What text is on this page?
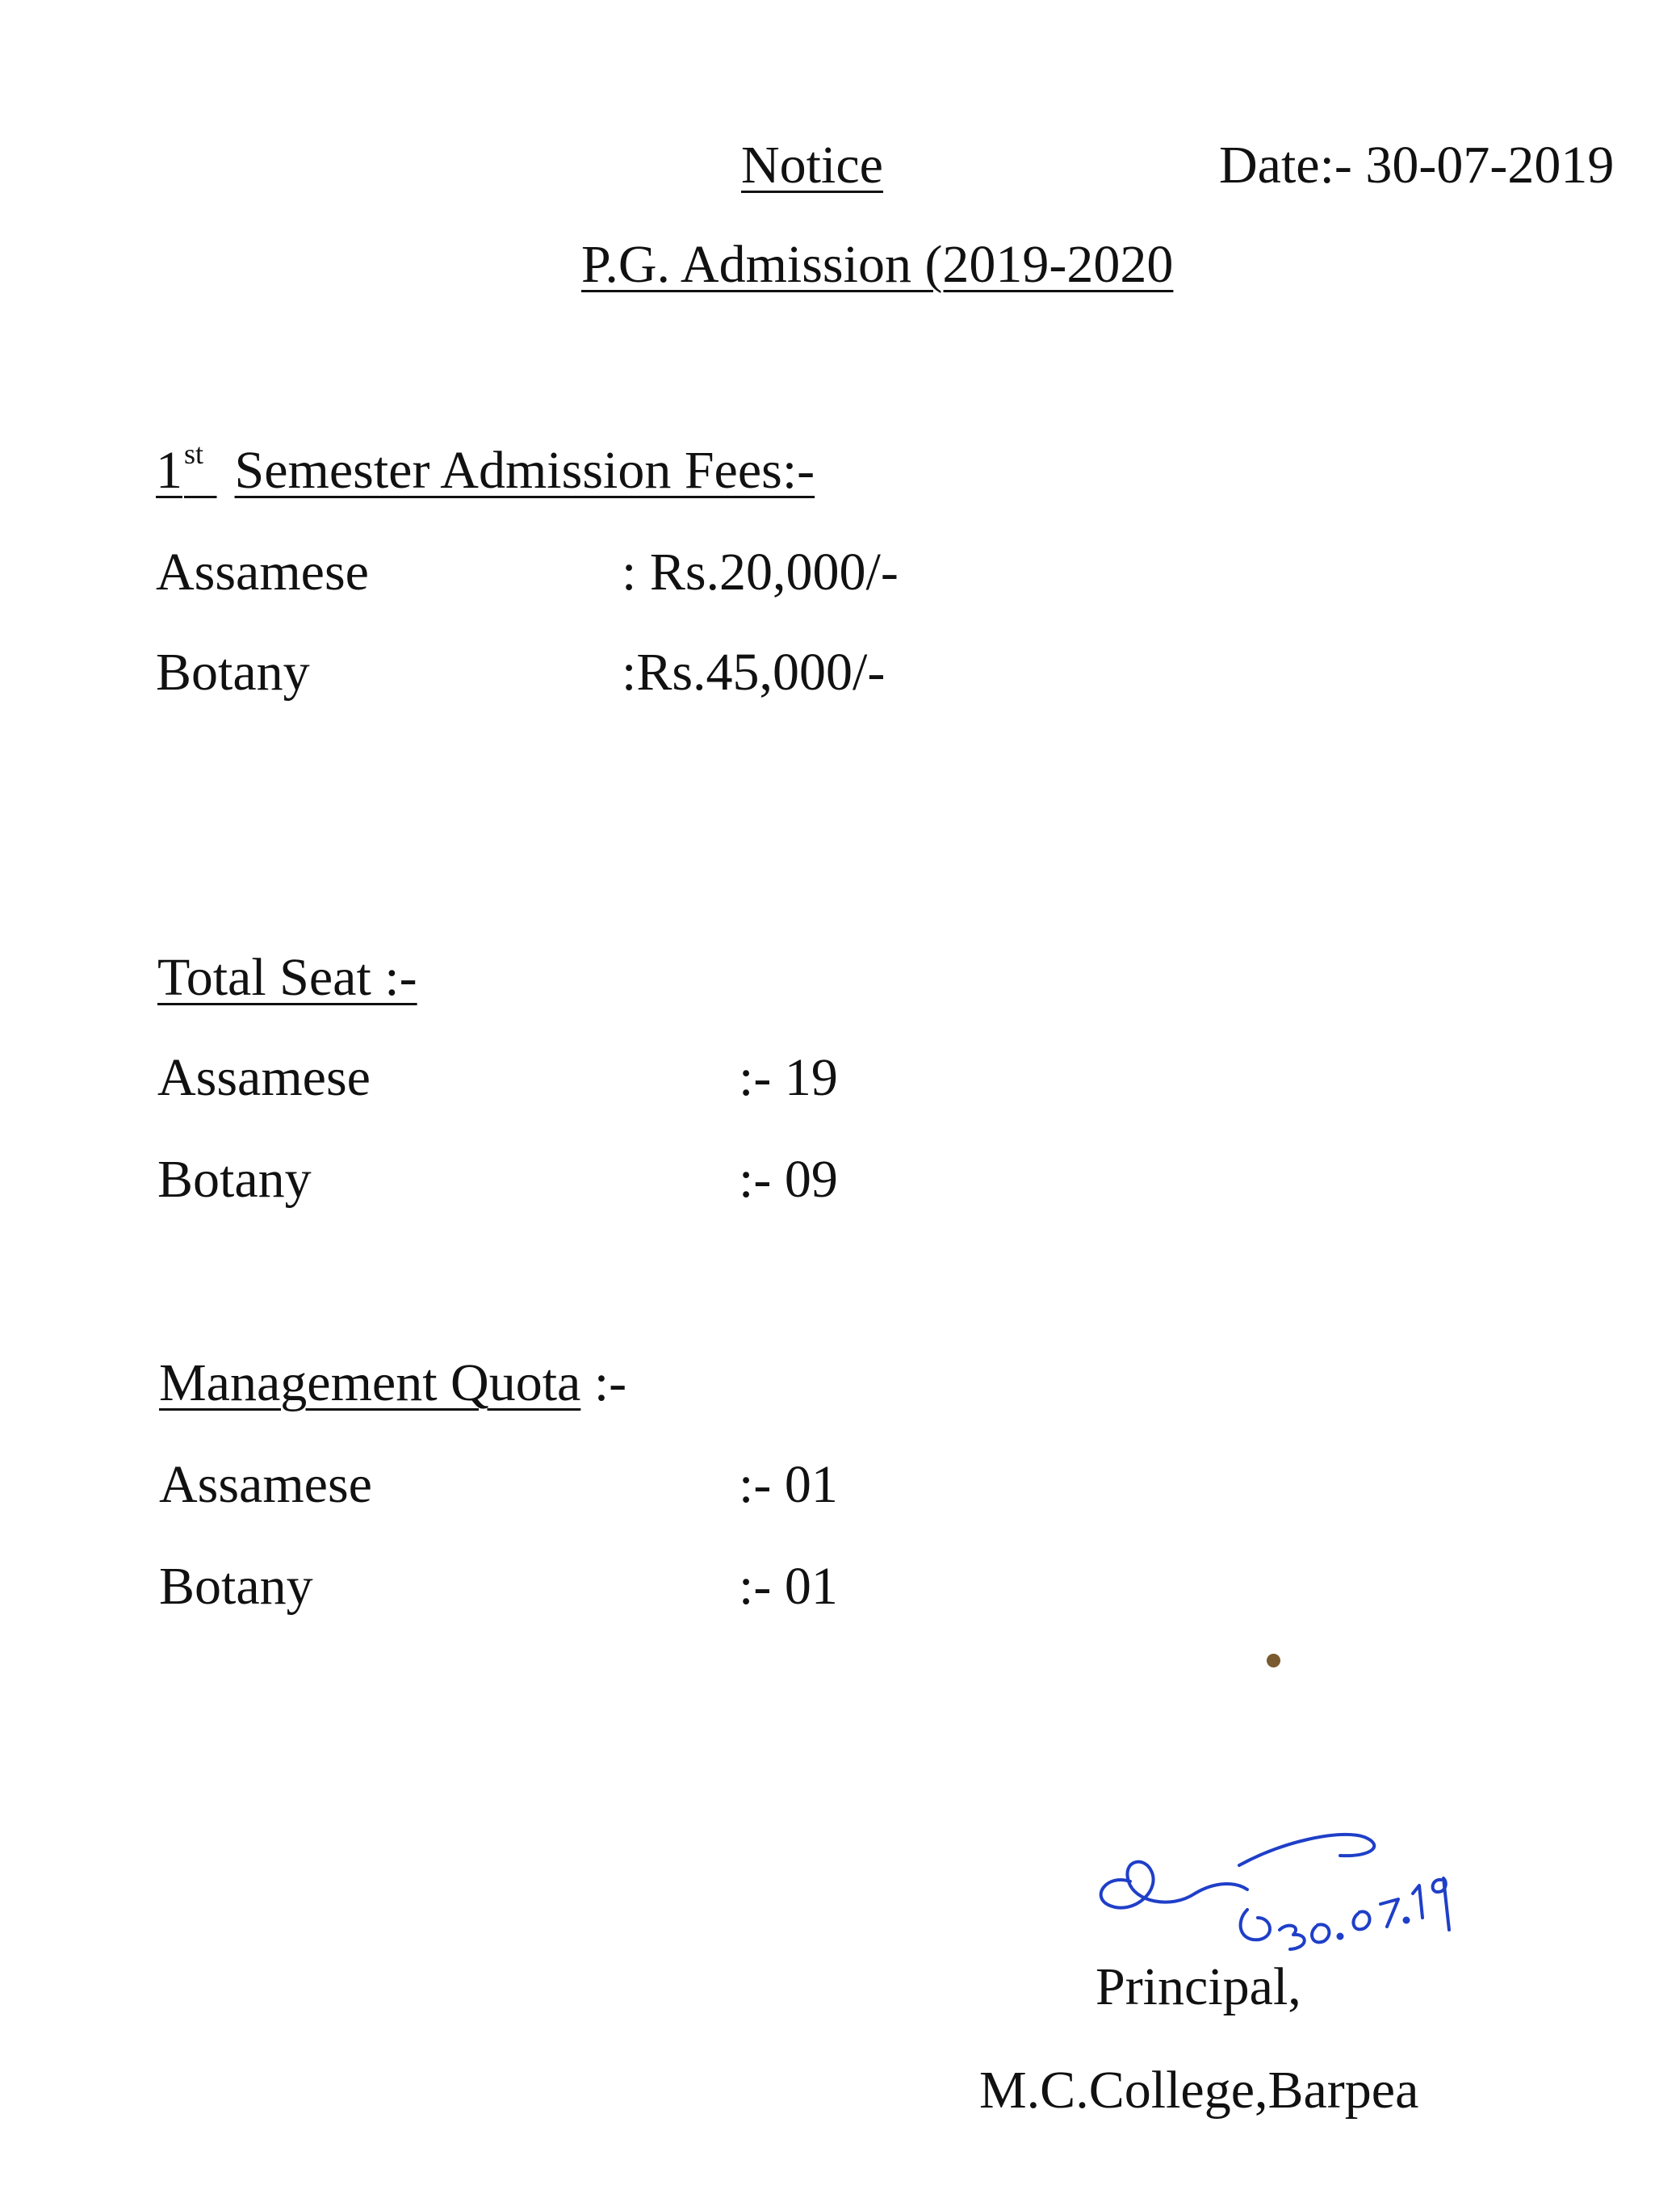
Notice	Date:- 30-07-2019
P.G. Admission (2019-2020
1st Semester Admission Fees:-
Assamese	: Rs.20,000/-
Botany	:Rs.45,000/-
Total Seat :-
Assamese	:- 19
Botany	:- 09
Management Quota :-
Assamese	:- 01
Botany	:- 01
Principal,
M.C.College,Barpea
